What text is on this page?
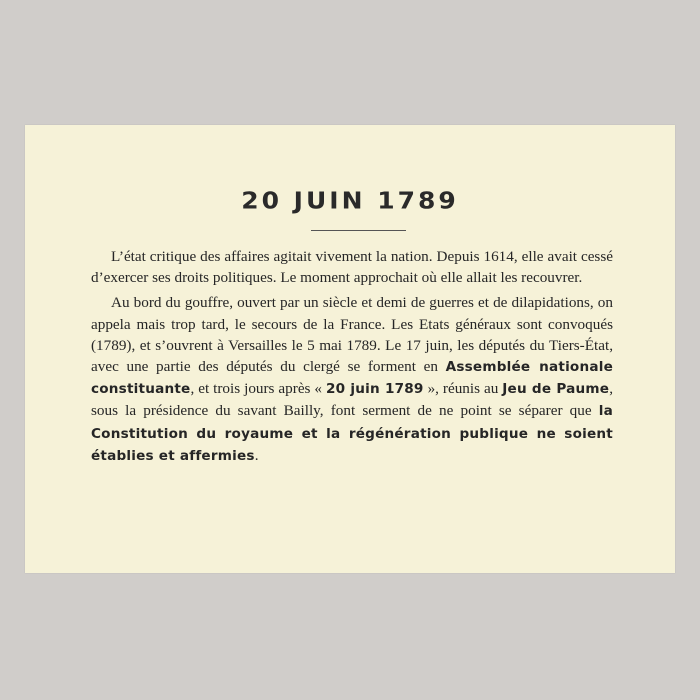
20 JUIN 1789

L’état critique des affaires agitait vivement la nation. Depuis 1614, elle avait cessé d’exercer ses droits politiques. Le moment approchait où elle allait les recouvrer.

Au bord du gouffre, ouvert par un siècle et demi de guerres et de dilapidations, on appela mais trop tard, le secours de la France. Les Etats généraux sont convoqués (1789), et s’ouvrent à Versailles le 5 mai 1789. Le 17 juin, les députés du Tiers-État, avec une partie des députés du clergé se forment en Assemblée nationale constituante, et trois jours après « 20 juin 1789 », réunis au Jeu de Paume, sous la présidence du savant Bailly, font serment de ne point se séparer que la Constitution du royaume et la régénération publique ne soient établies et affermies.
